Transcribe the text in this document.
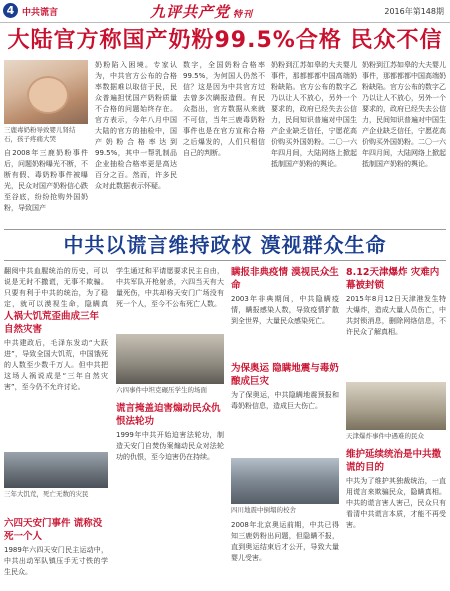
4 中共谎言	九评共产党 特刊	2016年第148期
大陆官方称国产奶粉99.5%合格 民众不信
三鹿毒奶粉导致婴儿肾结石，孩子疼痛大哭
自2008年三鹿奶粉事件后，问题奶粉曝光不断，不断有假、毒奶粉事件被曝光，民众对国产奶粉信心跌至谷底，纷纷抢购外国奶粉，导致国产
奶粉陷入困境。专家认为，中共官方公布的合格率数据难以取信于民，民众普遍担忧国产奶粉质量不合格的问题始终存在。官方表示，今年八月中国大陆的官方的抽检中，国产奶粉合格率达到99.5%，其中一帮乳制品企业抽检合格率更是高达百分之百。然而，许多民众对此数据表示怀疑。
数字，全国奶粉合格率99.5%，为何国人仍然不信？这是因为中共官方过去曾多次瞒报造假。有民众指出，官方数据从来就不可信，当年三鹿毒奶粉事件也是在官方宣称合格之后爆发的，人们只相信自己的判断。
奶粉到江苏如皋的大夫婴儿事件，那都都都中国高端奶粉缺陷。官方公布的数字乙乃以让人不放心，另外一个要求的，政府已经失去公信力，民间知识普遍对中国生产企业缺乏信任，宁愿花高价购买外国奶粉。二〇一六年四月间，大陆网络上掀起抵制国产奶粉的舆论。
奶粉到江苏如皋的大夫婴儿事件，那都都都中国高端奶粉缺陷。官方公布的数字乙乃以让人不放心，另外一个要求的，政府已经失去公信力，民间知识普遍对中国生产企业缺乏信任，宁愿花高价购买外国奶粉。二〇一六年四月间，大陆网络上掀起抵制国产奶粉的舆论。
中共以谎言维持政权 漠视群众生命
翻阅中共血腥统治的历史，可以说是无时不撒谎，无事不欺骗。只要有利于中共的统治，为了稳定，就可以漠视生命，隐瞒真
人祸大饥荒歪曲成三年自然灾害
中共建政后，毛泽东发动“大跃进”，导致全国大饥荒，中国饿死的人数至少数千万人。但中共把这场人祸说成是“三年自然灾害”，至今仍不允许讨论。
三年大饥荒，死亡无数的灾民
六四天安门事件 谎称没死一个人
1989年六四天安门民主运动中，中共出动军队镇压手无寸铁的学生民众。
学生通过和平请愿要求民主自由，中共军队开枪射杀，六四当天有大量死伤，中共却称天安门广场没有死一个人，至今不公布死亡人数。
六四事件中坦克碾压学生的场面
谎言掩盖迫害煽动民众仇恨法轮功
1999年中共开始迫害法轮功，制造天安门自焚伪案煽动民众对法轮功的仇恨，至今迫害仍在持续。
瞒报非典疫情 漠视民众生命
2003年非典期间，中共隐瞒疫情，瞒报感染人数，导致疫情扩散到全世界，大量民众感染死亡。
为保奥运 隐瞒地震与毒奶酿成巨灾
为了保奥运，中共隐瞒地震预报和毒奶粉信息，造成巨大伤亡。
四川地震中倒塌的校舍
2008年北京奥运前期，中共已得知三鹿奶粉出问题，但隐瞒不报，直到奥运结束后才公开，导致大量婴儿受害。
8.12天津爆炸 灾难内幕被封锁
2015年8月12日天津港发生特大爆炸，造成大量人员伤亡，中共封锁消息，删除网络信息，不许民众了解真相。
天津爆炸事件中遇难的民众
维护延续统治是中共撒谎的目的
中共为了维护其独裁统治，一直用谎言来欺骗民众，隐瞒真相。中共的谎言害人害己，民众只有看清中共谎言本质，才能不再受害。
